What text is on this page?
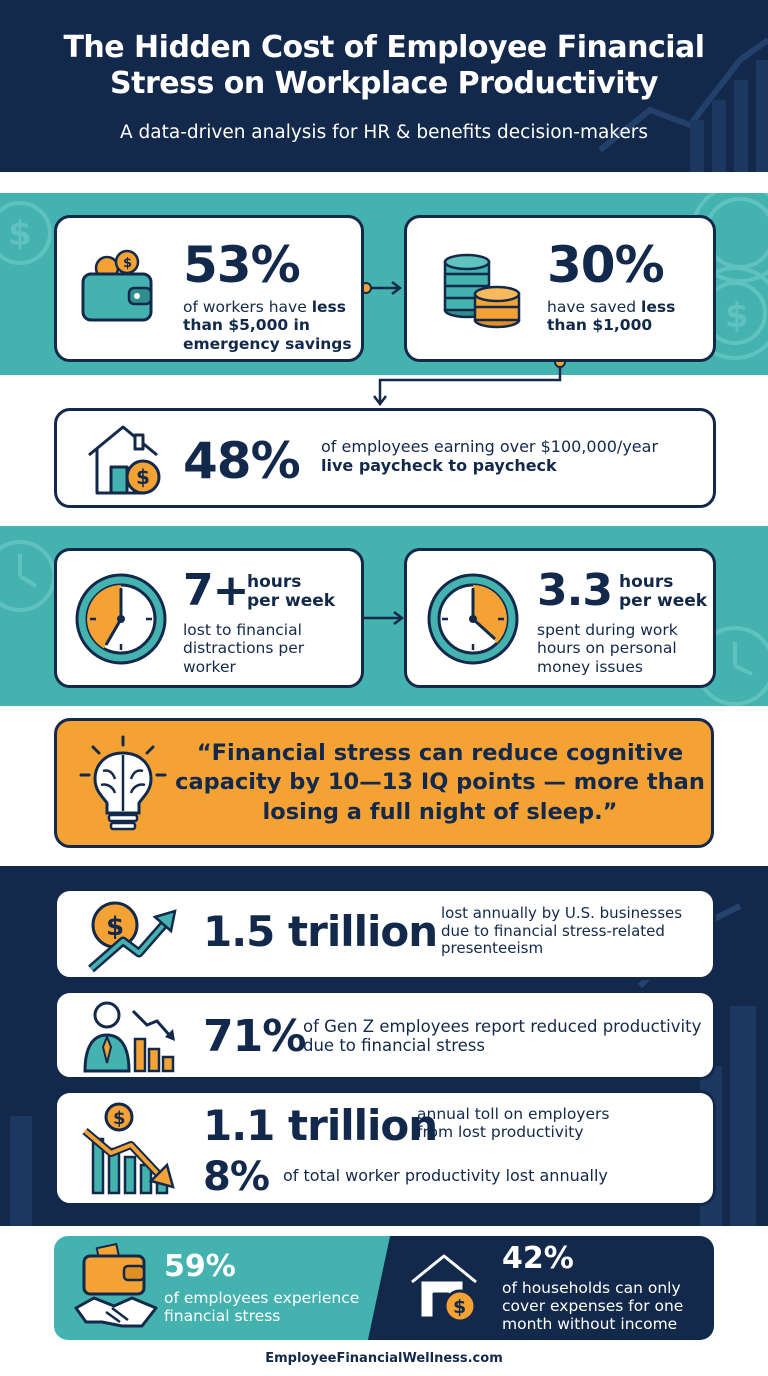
The Hidden Cost of Employee Financial
Stress on Workplace Productivity
A data-driven analysis for HR & benefits decision-makers
$
$
$ 53%
of workers have less than $5,000 in emergency savings
30%
have saved less than $1,000
$ 48% of employees earning over $100,000/year
live paycheck to paycheck
7+
hours
per week
lost to financial distractions per worker
3.3 hours
per week
spent during work hours on personal money issues
“Financial stress can reduce cognitive capacity by 10—13 IQ points — more than losing a full night of sleep.”
$ 1.5 trillion lost annually by U.S. businesses due to financial stress-related presenteeism
71%
of Gen Z employees report reduced productivity due to financial stress
$ 1.1 trillion
annual toll on employers from lost productivity
8% of total worker productivity lost annually
59%
of employees experience financial stress	$
42%
of households can only cover expenses for one month without income
EmployeeFinancialWellness.com
